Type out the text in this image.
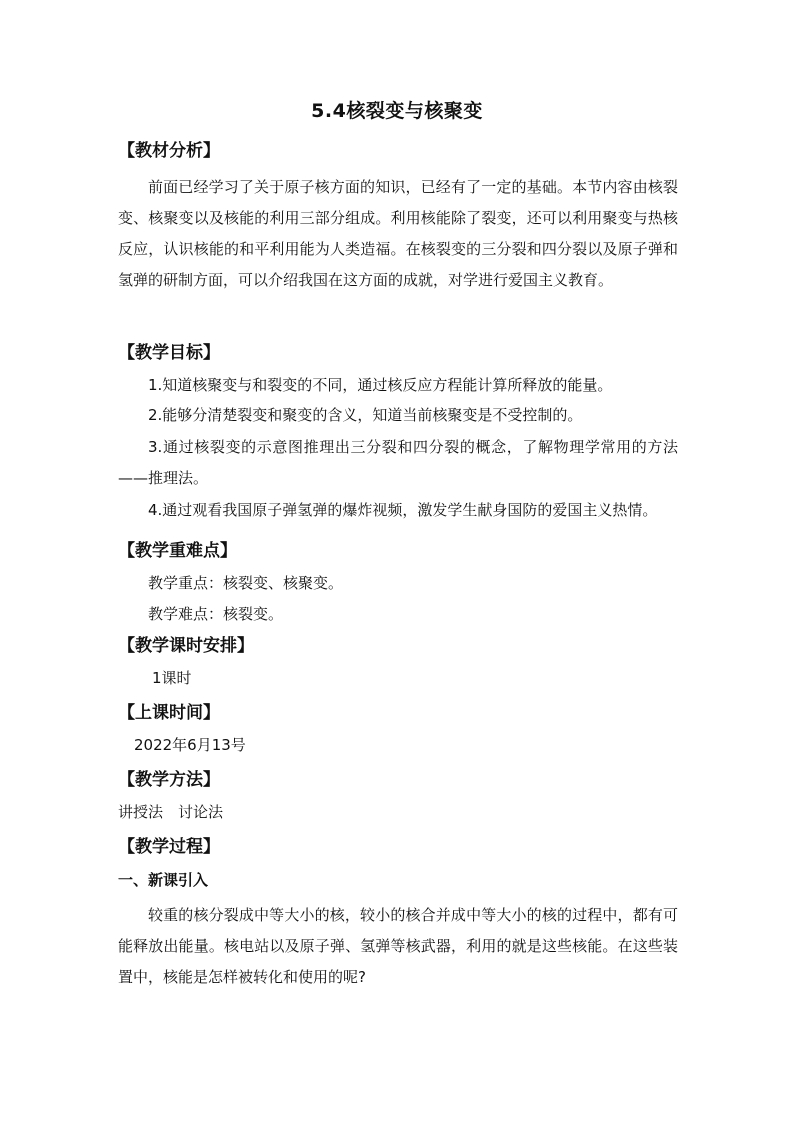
5.4核裂变与核聚变
【教材分析】
前面已经学习了关于原子核方面的知识，已经有了一定的基础。本节内容由核裂变、核聚变以及核能的利用三部分组成。利用核能除了裂变，还可以利用聚变与热核反应，认识核能的和平利用能为人类造福。在核裂变的三分裂和四分裂以及原子弹和氢弹的研制方面，可以介绍我国在这方面的成就，对学进行爱国主义教育。
【教学目标】
1.知道核聚变与和裂变的不同，通过核反应方程能计算所释放的能量。
2.能够分清楚裂变和聚变的含义，知道当前核聚变是不受控制的。
3.通过核裂变的示意图推理出三分裂和四分裂的概念，了解物理学常用的方法——推理法。
4.通过观看我国原子弹氢弹的爆炸视频，激发学生献身国防的爱国主义热情。
【教学重难点】
教学重点：核裂变、核聚变。
教学难点：核裂变。
【教学课时安排】
1课时
【上课时间】
2022年6月13号
【教学方法】
讲授法　讨论法
【教学过程】
一、新课引入
较重的核分裂成中等大小的核，较小的核合并成中等大小的核的过程中，都有可能释放出能量。核电站以及原子弹、氢弹等核武器，利用的就是这些核能。在这些装置中，核能是怎样被转化和使用的呢?
